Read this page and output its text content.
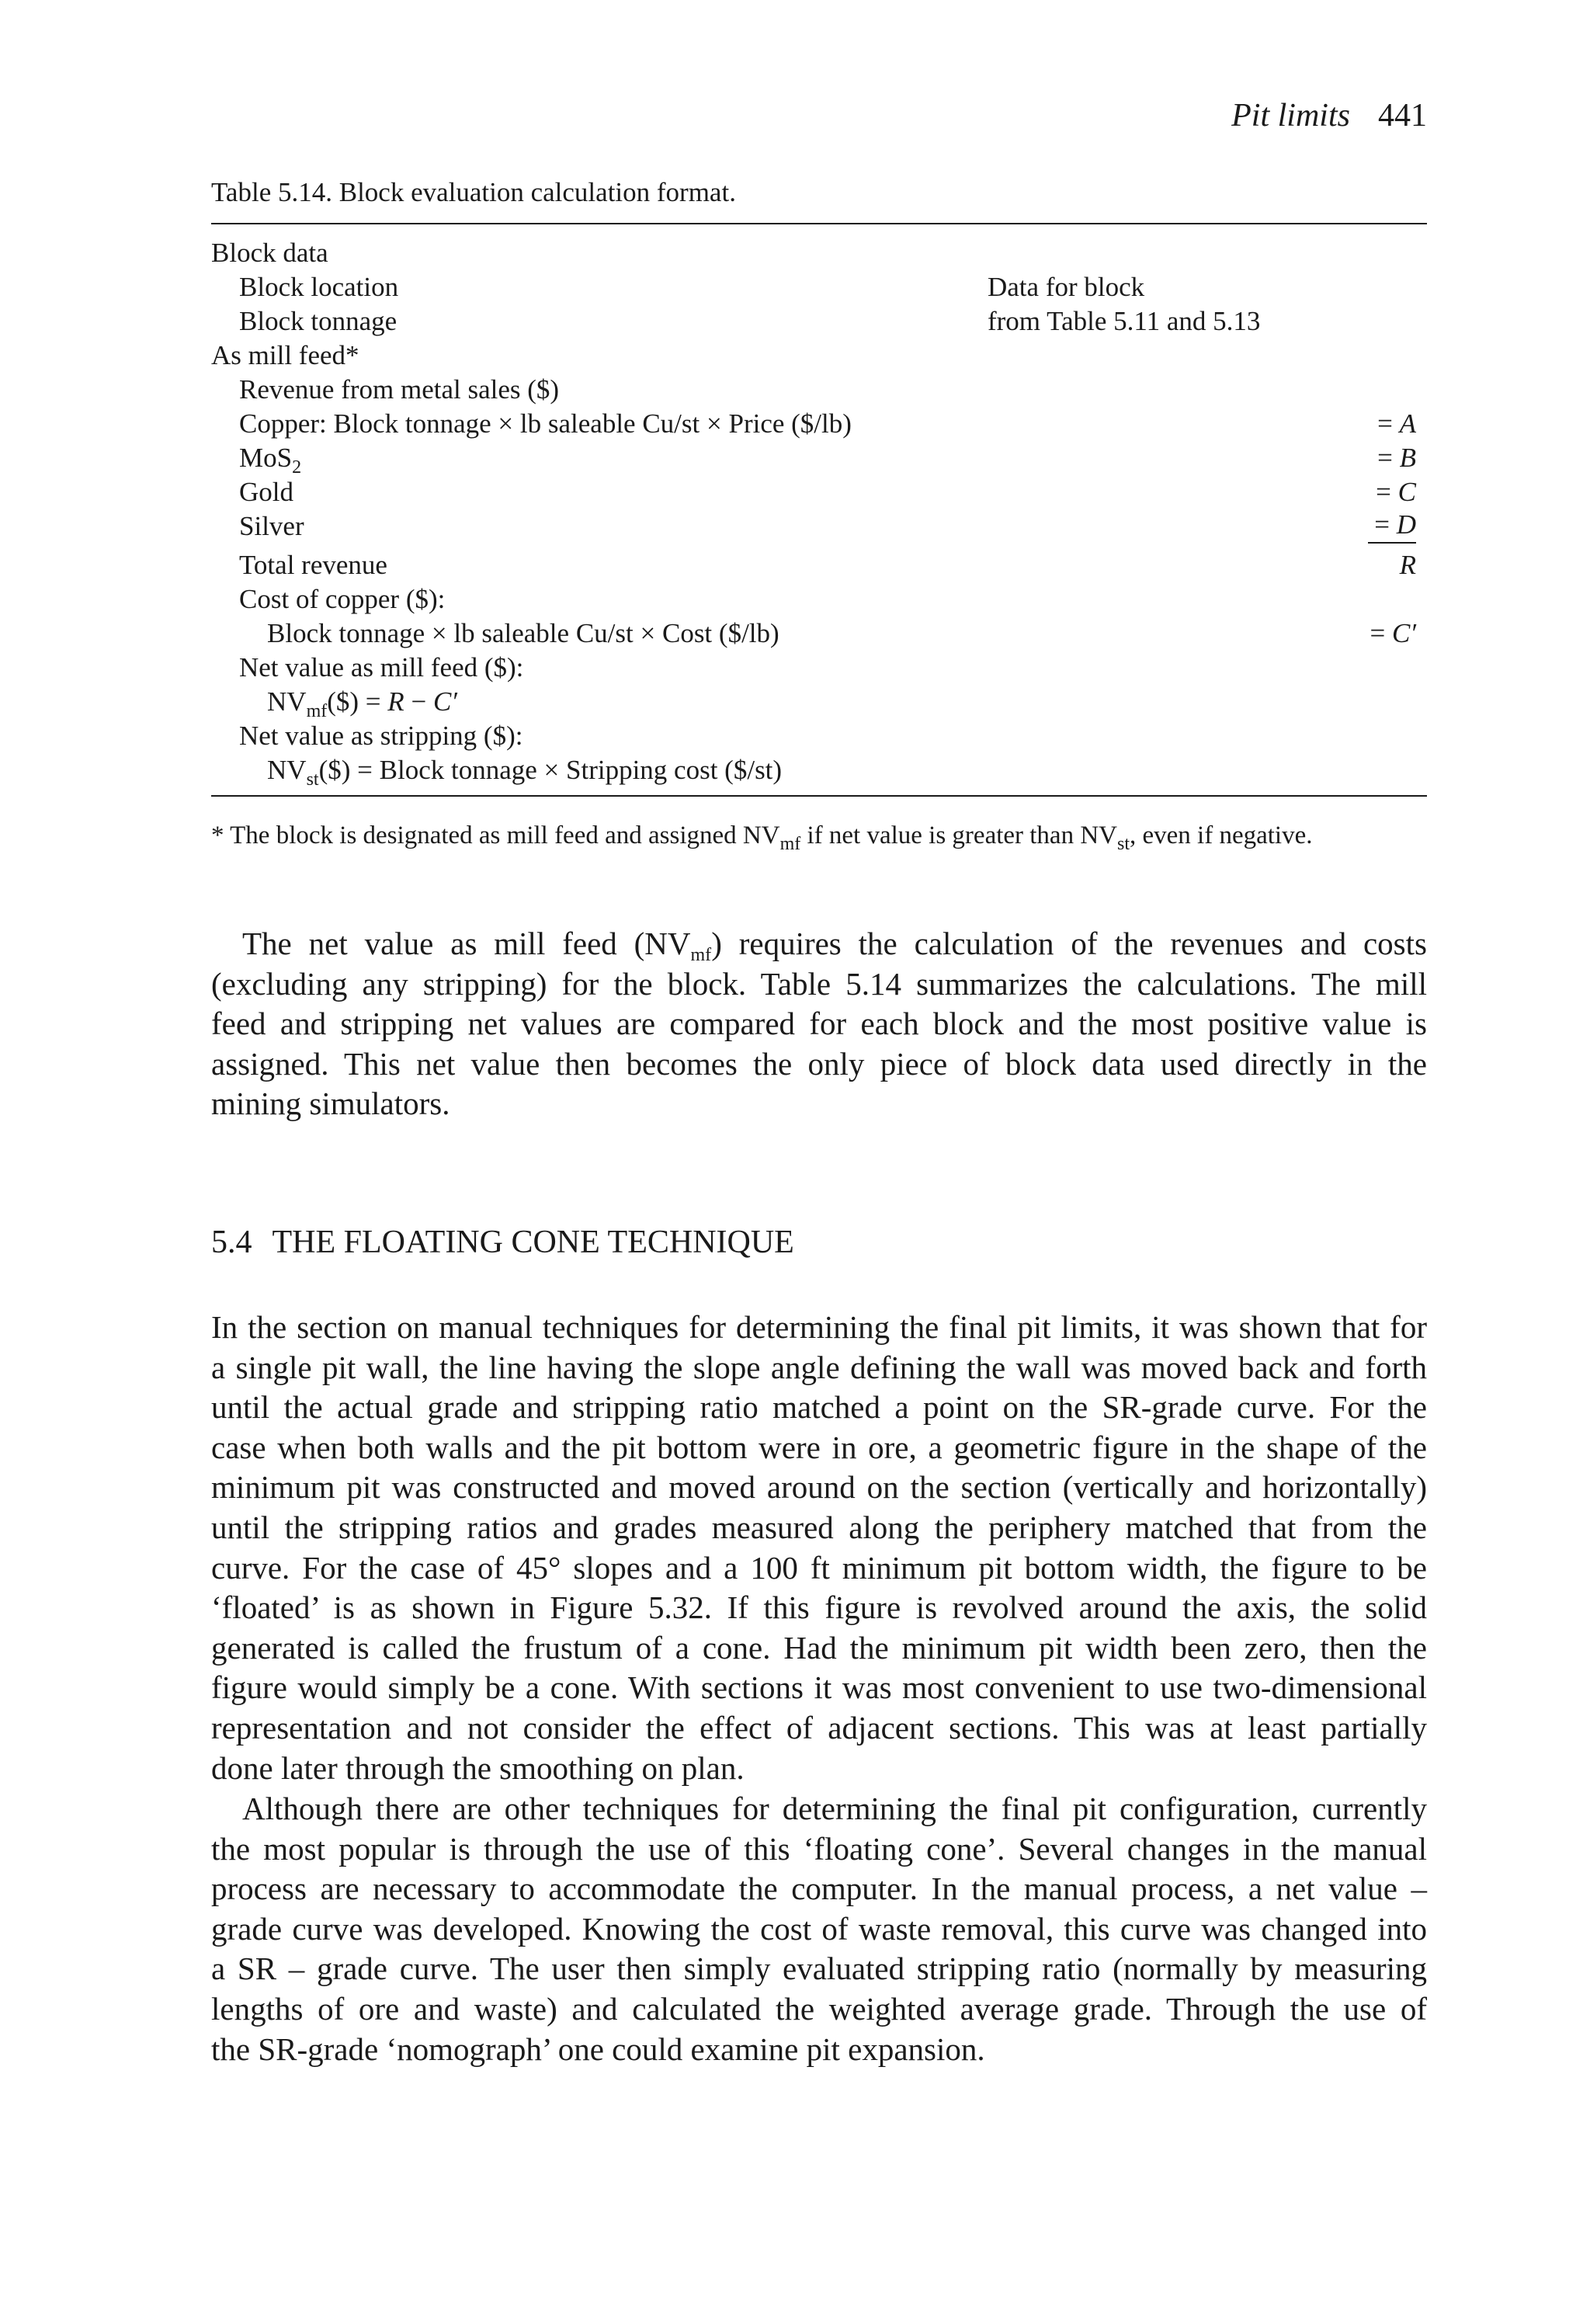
Pit limits 441
Table 5.14. Block evaluation calculation format.
Block data
Block location	Data for block
Block tonnage	from Table 5.11 and 5.13
As mill feed*
Revenue from metal sales ($)
Copper: Block tonnage × lb saleable Cu/st × Price ($/lb)	= A
MoS$_2$	= B
Gold	= C
Silver	= D
Total revenue	R
Cost of copper ($):
Block tonnage × lb saleable Cu/st × Cost ($/lb)	= C′
Net value as mill feed ($):
$NV_{mf}(\$) = R - C'$
Net value as stripping ($):
$NV_{st}(\$)$ = Block tonnage × Stripping cost ($/st)
* The block is designated as mill feed and assigned $NV_{mf}$ if net value is greater than $NV_{st}$, even if negative.
The net value as mill feed (NVmf) requires the calculation of the revenues and costs
(excluding any stripping) for the block. Table 5.14 summarizes the calculations. The mill
feed and stripping net values are compared for each block and the most positive value is
assigned. This net value then becomes the only piece of block data used directly in the
mining simulators.
5.4 THE FLOATING CONE TECHNIQUE
In the section on manual techniques for determining the final pit limits, it was shown that for
a single pit wall, the line having the slope angle defining the wall was moved back and forth
until the actual grade and stripping ratio matched a point on the SR-grade curve. For the
case when both walls and the pit bottom were in ore, a geometric figure in the shape of the
minimum pit was constructed and moved around on the section (vertically and horizontally)
until the stripping ratios and grades measured along the periphery matched that from the
curve. For the case of 45° slopes and a 100 ft minimum pit bottom width, the figure to be
‘floated’ is as shown in Figure 5.32. If this figure is revolved around the axis, the solid
generated is called the frustum of a cone. Had the minimum pit width been zero, then the
figure would simply be a cone. With sections it was most convenient to use two-dimensional
representation and not consider the effect of adjacent sections. This was at least partially
done later through the smoothing on plan.
Although there are other techniques for determining the final pit configuration, currently
the most popular is through the use of this ‘floating cone’. Several changes in the manual
process are necessary to accommodate the computer. In the manual process, a net value –
grade curve was developed. Knowing the cost of waste removal, this curve was changed into
a SR – grade curve. The user then simply evaluated stripping ratio (normally by measuring
lengths of ore and waste) and calculated the weighted average grade. Through the use of
the SR-grade ‘nomograph’ one could examine pit expansion.
